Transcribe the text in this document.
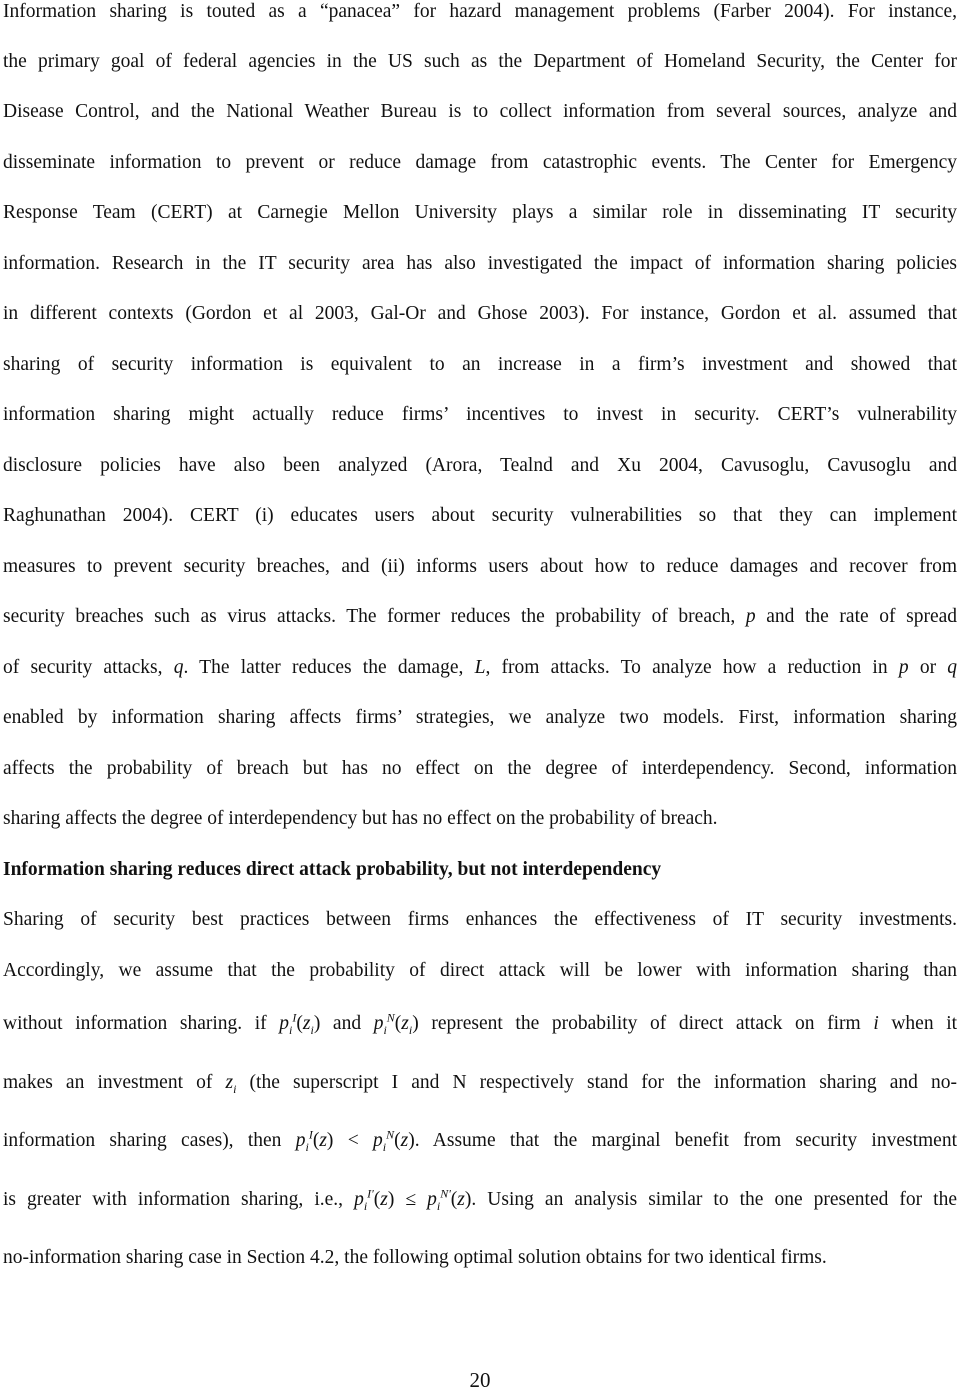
Information sharing is touted as a “panacea” for hazard management problems (Farber 2004). For instance,
the primary goal of federal agencies in the US such as the Department of Homeland Security, the Center for
Disease Control, and the National Weather Bureau is to collect information from several sources, analyze and
disseminate information to prevent or reduce damage from catastrophic events. The Center for Emergency
Response Team (CERT) at Carnegie Mellon University plays a similar role in disseminating IT security
information. Research in the IT security area has also investigated the impact of information sharing policies
in different contexts (Gordon et al 2003, Gal-Or and Ghose 2003). For instance, Gordon et al. assumed that
sharing of security information is equivalent to an increase in a firm’s investment and showed that
information sharing might actually reduce firms’ incentives to invest in security. CERT’s vulnerability
disclosure policies have also been analyzed (Arora, Tealnd and Xu 2004, Cavusoglu, Cavusoglu and
Raghunathan 2004). CERT (i) educates users about security vulnerabilities so that they can implement
measures to prevent security breaches, and (ii) informs users about how to reduce damages and recover from
security breaches such as virus attacks. The former reduces the probability of breach, p and the rate of spread
of security attacks, q. The latter reduces the damage, L, from attacks. To analyze how a reduction in p or q
enabled by information sharing affects firms’ strategies, we analyze two models. First, information sharing
affects the probability of breach but has no effect on the degree of interdependency. Second, information
sharing affects the degree of interdependency but has no effect on the probability of breach.
Information sharing reduces direct attack probability, but not interdependency
Sharing of security best practices between firms enhances the effectiveness of IT security investments.
Accordingly, we assume that the probability of direct attack will be lower with information sharing than
without information sharing. if $p_i^I(z_i)$ and $p_i^N(z_i)$ represent the probability of direct attack on firm i when it
makes an investment of $z_i$ (the superscript I and N respectively stand for the information sharing and no-
information sharing cases), then $p_i^I(z) < p_i^N(z)$. Assume that the marginal benefit from security investment
is greater with information sharing, i.e., $p_i^{I'}(z) \le p_i^{N'}(z)$. Using an analysis similar to the one presented for the
no-information sharing case in Section 4.2, the following optimal solution obtains for two identical firms.
20
